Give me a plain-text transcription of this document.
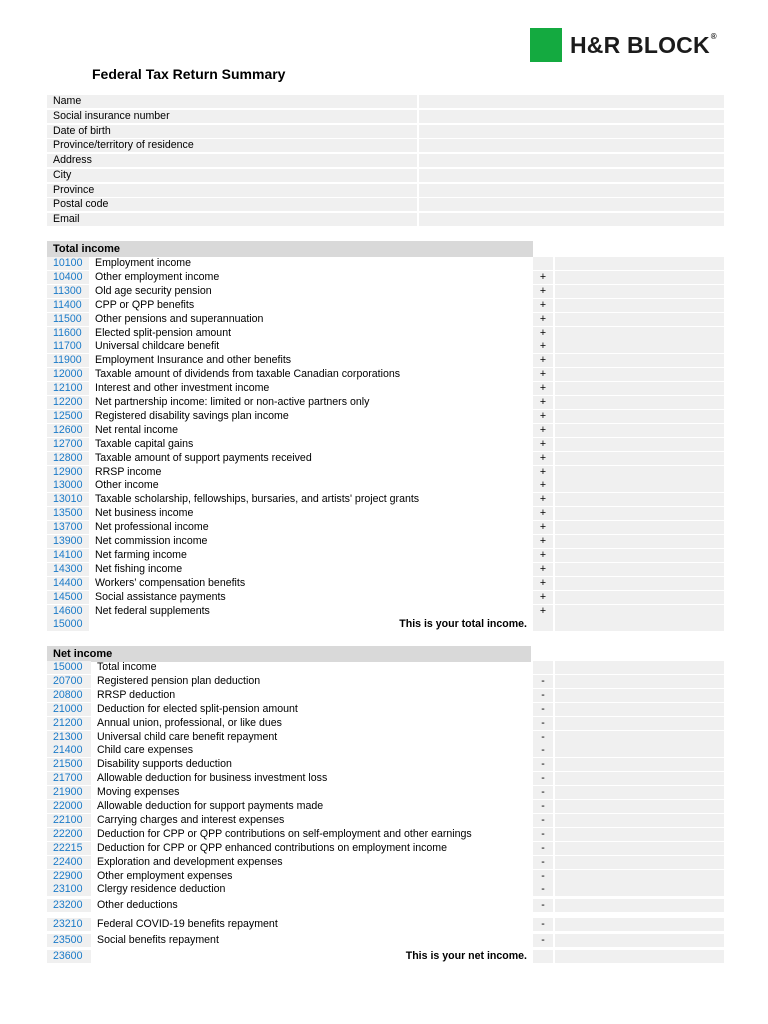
H&R BLOCK®
Federal Tax Return Summary
Name
Social insurance number
Date of birth
Province/territory of residence
Address
City
Province
Postal code
Email
Total income
10100	Employment income
10400	Other employment income	+
11300	Old age security pension	+
11400	CPP or QPP benefits	+
11500	Other pensions and superannuation	+
11600	Elected split-pension amount	+
11700	Universal childcare benefit	+
11900	Employment Insurance and other benefits	+
12000	Taxable amount of dividends from taxable Canadian corporations	+
12100	Interest and other investment income	+
12200	Net partnership income: limited or non-active partners only	+
12500	Registered disability savings plan income	+
12600	Net rental income	+
12700	Taxable capital gains	+
12800	Taxable amount of support payments received	+
12900	RRSP income	+
13000	Other income	+
13010	Taxable scholarship, fellowships, bursaries, and artists' project grants	+
13500	Net business income	+
13700	Net professional income	+
13900	Net commission income	+
14100	Net farming income	+
14300	Net fishing income	+
14400	Workers’ compensation benefits	+
14500	Social assistance payments	+
14600	Net federal supplements	+
15000	This is your total income.
Net income
15000	Total income
20700	Registered pension plan deduction	-
20800	RRSP deduction	-
21000	Deduction for elected split-pension amount	-
21200	Annual union, professional, or like dues	-
21300	Universal child care benefit repayment	-
21400	Child care expenses	-
21500	Disability supports deduction	-
21700	Allowable deduction for business investment loss	-
21900	Moving expenses	-
22000	Allowable deduction for support payments made	-
22100	Carrying charges and interest expenses	-
22200	Deduction for CPP or QPP contributions on self-employment and other earnings	-
22215	Deduction for CPP or QPP enhanced contributions on employment income	-
22400	Exploration and development expenses	-
22900	Other employment expenses	-
23100	Clergy residence deduction	-
23200	Other deductions	-
23210	Federal COVID-19 benefits repayment	-
23500	Social benefits repayment	-
23600	This is your net income.
